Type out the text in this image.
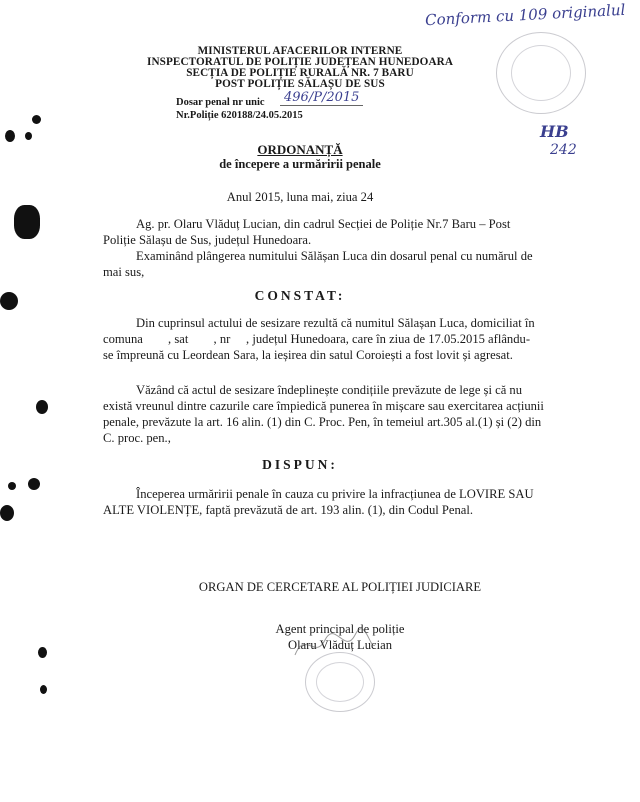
MINISTERUL AFACERILOR INTERNE
INSPECTORATUL DE POLIȚIE JUDEȚEAN HUNEDOARA
SECȚIA DE POLIȚIE RURALĂ NR. 7 BARU
POST POLIȚIE SĂLAȘU DE SUS
Dosar penal nr unic	496/P/2015
Nr.Poliție 620188/24.05.2015
Conform cu 109 originalul
HB
242
ORDONANȚĂ
de începere a urmăririi penale
Anul 2015, luna mai, ziua 24
Ag. pr. Olaru Vlăduț Lucian, din cadrul Secției de Poliție Nr.7 Baru – Post
Poliție Sălașu de Sus, județul Hunedoara.
Examinând plângerea numitului Sălășan Luca din dosarul penal cu numărul de
mai sus,
CONSTAT:
Din cuprinsul actului de sesizare rezultă că numitul Sălașan Luca, domiciliat în
comuna        , sat        , nr     , județul Hunedoara, care în ziua de 17.05.2015 aflându-
se împreună cu Leordean Sara, la ieșirea din satul Coroiești a fost lovit și agresat.
Văzând că actul de sesizare îndeplinește condițiile prevăzute de lege și că nu
există vreunul dintre cazurile care împiedică punerea în mișcare sau exercitarea acțiunii
penale, prevăzute la art. 16 alin. (1) din C. Proc. Pen, în temeiul art.305 al.(1) și (2) din
C. proc. pen.,
DISPUN:
Începerea urmăririi penale în cauza cu privire la infracțiunea de LOVIRE SAU
ALTE VIOLENȚE, faptă prevăzută de art. 193 alin. (1), din Codul Penal.
ORGAN DE CERCETARE AL POLIȚIEI JUDICIARE
Agent principal de poliție
Olaru Vlăduț Lucian
